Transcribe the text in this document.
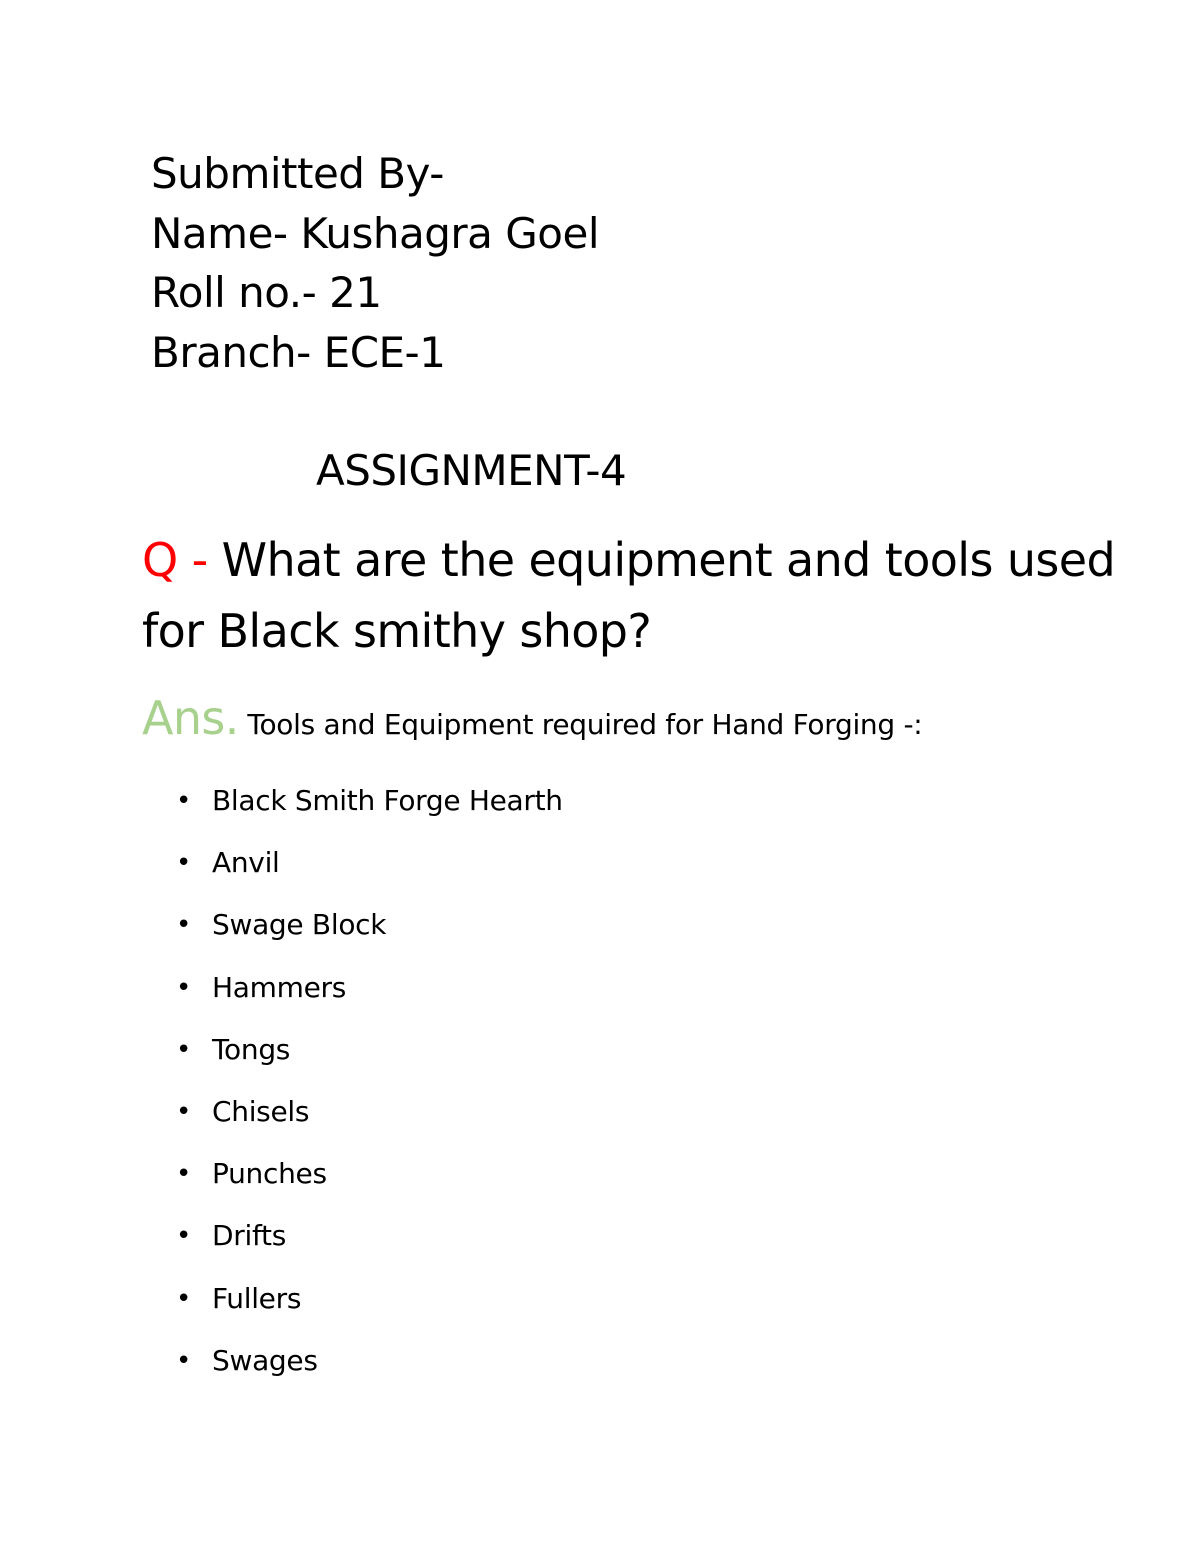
Submitted By-
Name- Kushagra Goel
Roll no.- 21
Branch- ECE-1
ASSIGNMENT-4
Q - What are the equipment and tools used for Black smithy shop?
Ans. Tools and Equipment required for Hand Forging -:
• Black Smith Forge Hearth
• Anvil
• Swage Block
• Hammers
• Tongs
• Chisels
• Punches
• Drifts
• Fullers
• Swages
